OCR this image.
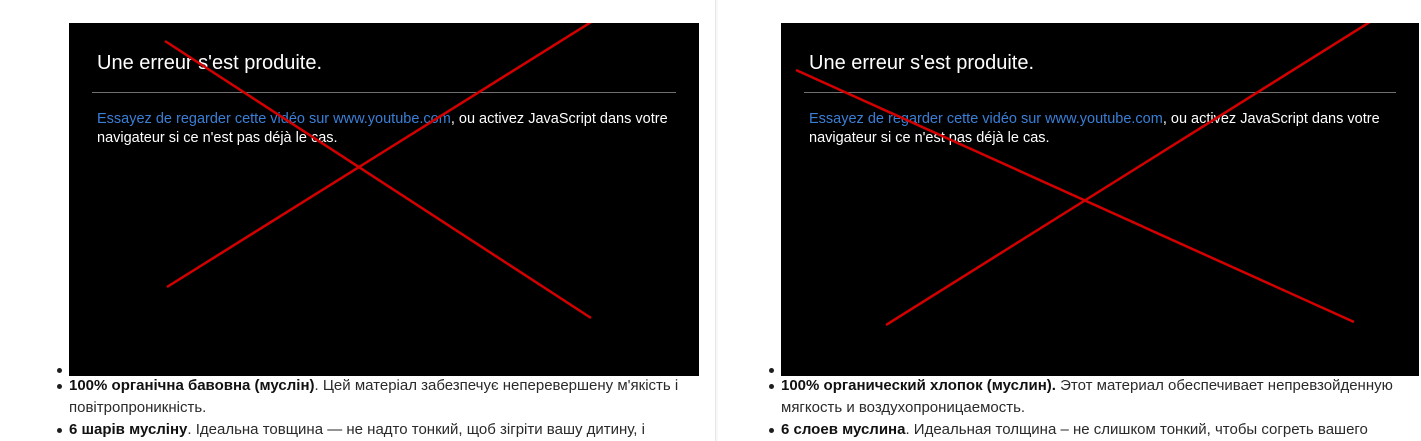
Une erreur s'est produite.
Essayez de regarder cette vidéo sur www.youtube.com, ou activez JavaScript dans votre navigateur si ce n'est pas déjà le cas.
100% органічна бавовна (муслін). Цей матеріал забезпечує неперевершену м'якість і повітропроникність.
6 шарів мусліну. Ідеальна товщина — не надто тонкий, щоб зігріти вашу дитину, і
Une erreur s'est produite.
Essayez de regarder cette vidéo sur www.youtube.com, ou activez JavaScript dans votre navigateur si ce n'est pas déjà le cas.
100% органический хлопок (муслин). Этот материал обеспечивает непревзойденную мягкость и воздухопроницаемость.
6 слоев муслина. Идеальная толщина – не слишком тонкий, чтобы согреть вашего
